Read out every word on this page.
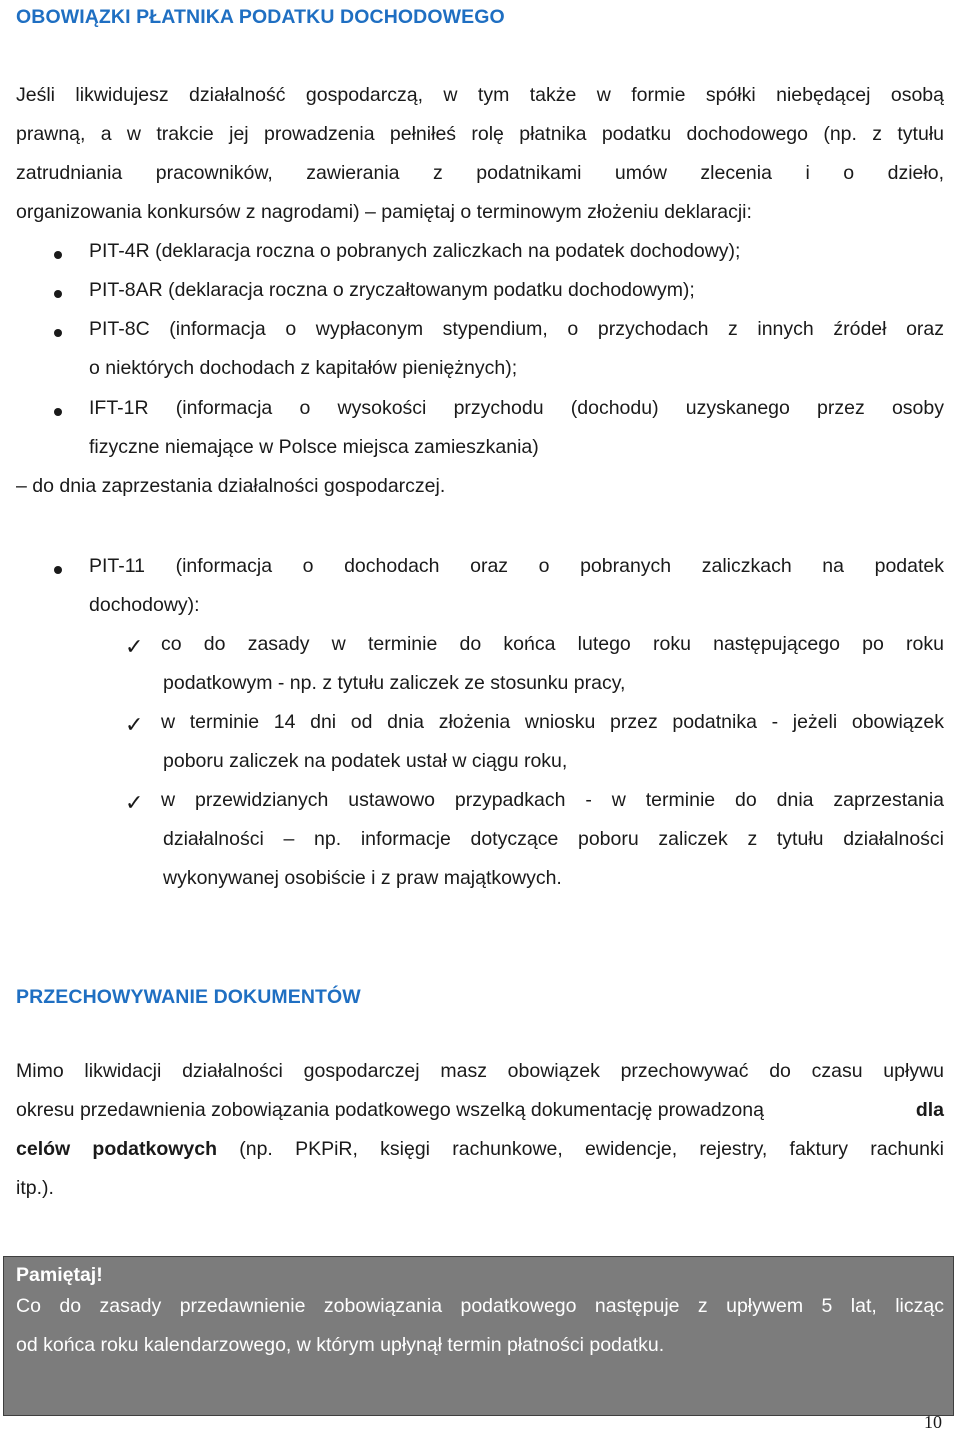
OBOWIĄZKI PŁATNIKA PODATKU DOCHODOWEGO

Jeśli likwidujesz działalność gospodarczą, w tym także w formie spółki niebędącej osobą

prawną, a w trakcie jej prowadzenia pełniłeś rolę płatnika podatku dochodowego (np. z tytułu

zatrudniania pracowników, zawierania z podatnikami umów zlecenia i o dzieło,

organizowania konkursów z nagrodami) – pamiętaj o terminowym złożeniu deklaracji:

PIT-4R (deklaracja roczna o pobranych zaliczkach na podatek dochodowy);

PIT-8AR (deklaracja roczna o zryczałtowanym podatku dochodowym);

PIT-8C (informacja o wypłaconym stypendium, o przychodach z innych źródeł oraz

o niektórych dochodach z kapitałów pieniężnych);

IFT-1R (informacja o wysokości przychodu (dochodu) uzyskanego przez osoby

fizyczne niemające w Polsce miejsca zamieszkania)

– do dnia zaprzestania działalności gospodarczej.

PIT-11 (informacja o dochodach oraz o pobranych zaliczkach na podatek

dochodowy):

✓ co do zasady w terminie do końca lutego roku następującego po roku

podatkowym - np. z tytułu zaliczek ze stosunku pracy,

✓ w terminie 14 dni od dnia złożenia wniosku przez podatnika - jeżeli obowiązek

poboru zaliczek na podatek ustał w ciągu roku,

✓ w przewidzianych ustawowo przypadkach - w terminie do dnia zaprzestania

działalności – np. informacje dotyczące poboru zaliczek z tytułu działalności

wykonywanej osobiście i z praw majątkowych.

PRZECHOWYWANIE DOKUMENTÓW

Mimo likwidacji działalności gospodarczej masz obowiązek przechowywać do czasu upływu

okresu przedawnienia zobowiązania podatkowego wszelką dokumentację prowadzoną	dla

celów podatkowych (np. PKPiR, księgi rachunkowe, ewidencje, rejestry, faktury rachunki

itp.).

Pamiętaj!

Co do zasady przedawnienie zobowiązania podatkowego następuje z upływem 5 lat, licząc

od końca roku kalendarzowego, w którym upłynął termin płatności podatku.

10
